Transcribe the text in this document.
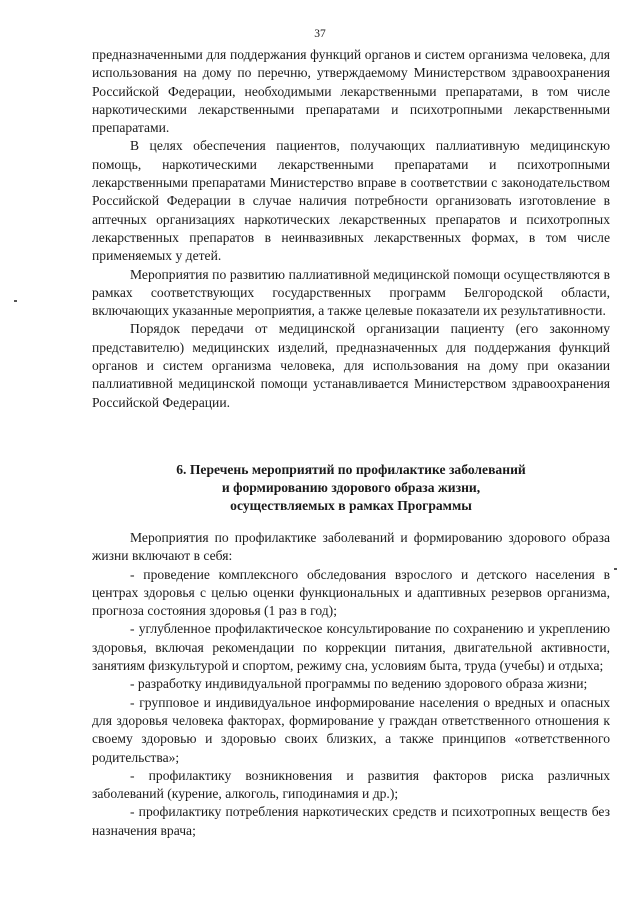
37

предназначенными для поддержания функций органов и систем организма человека, для использования на дому по перечню, утверждаемому Министерством здравоохранения Российской Федерации, необходимыми лекарственными препаратами, в том числе наркотическими лекарственными препаратами и психотропными лекарственными препаратами.

В целях обеспечения пациентов, получающих паллиативную медицинскую помощь, наркотическими лекарственными препаратами и психотропными лекарственными препаратами Министерство вправе в соответствии с законодательством Российской Федерации в случае наличия потребности организовать изготовление в аптечных организациях наркотических лекарственных препаратов и психотропных лекарственных препаратов в неинвазивных лекарственных формах, в том числе применяемых у детей.

Мероприятия по развитию паллиативной медицинской помощи осуществляются в рамках соответствующих государственных программ Белгородской области, включающих указанные мероприятия, а также целевые показатели их результативности.

Порядок передачи от медицинской организации пациенту (его законному представителю) медицинских изделий, предназначенных для поддержания функций органов и систем организма человека, для использования на дому при оказании паллиативной медицинской помощи устанавливается Министерством здравоохранения Российской Федерации.

6. Перечень мероприятий по профилактике заболеваний
и формированию здорового образа жизни,
осуществляемых в рамках Программы

Мероприятия по профилактике заболеваний и формированию здорового образа жизни включают в себя:

- проведение комплексного обследования взрослого и детского населения в центрах здоровья с целью оценки функциональных и адаптивных резервов организма, прогноза состояния здоровья (1 раз в год);

- углубленное профилактическое консультирование по сохранению и укреплению здоровья, включая рекомендации по коррекции питания, двигательной активности, занятиям физкультурой и спортом, режиму сна, условиям быта, труда (учебы) и отдыха;

- разработку индивидуальной программы по ведению здорового образа жизни;

- групповое и индивидуальное информирование населения о вредных и опасных для здоровья человека факторах, формирование у граждан ответственного отношения к своему здоровью и здоровью своих близких, а также принципов «ответственного родительства»;

- профилактику возникновения и развития факторов риска различных заболеваний (курение, алкоголь, гиподинамия и др.);

- профилактику потребления наркотических средств и психотропных веществ без назначения врача;
